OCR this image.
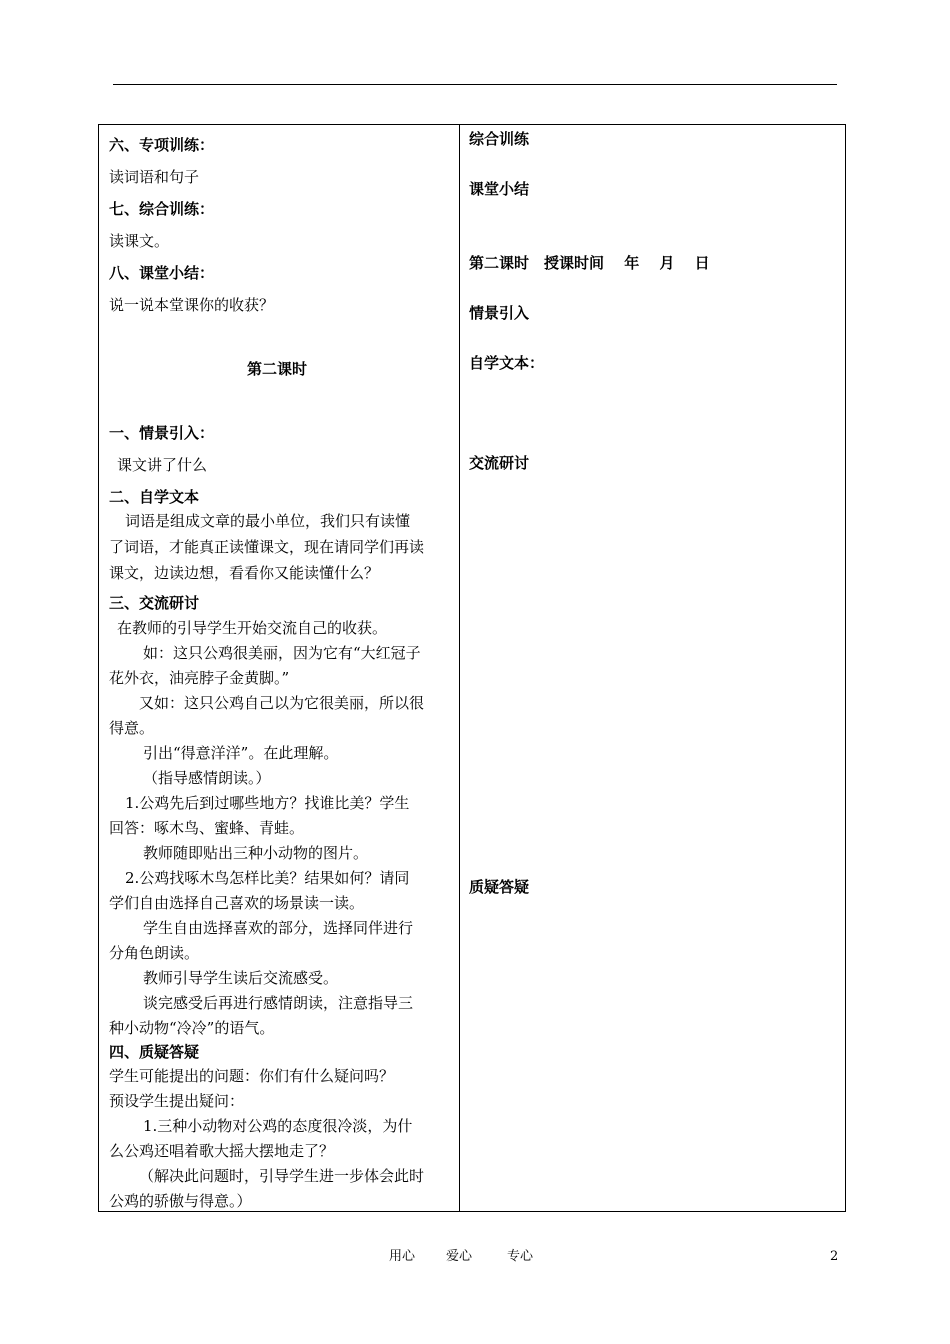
六、专项训练：
读词语和句子
七、综合训练：
读课文。
八、课堂小结：
说一说本堂课你的收获？
第二课时
一、情景引入：
课文讲了什么
二、自学文本
词语是组成文章的最小单位，我们只有读懂
了词语，才能真正读懂课文，现在请同学们再读
课文，边读边想，看看你又能读懂什么？
三、交流研讨
在教师的引导学生开始交流自己的收获。
如：这只公鸡很美丽，因为它有“大红冠子
花外衣，油亮脖子金黄脚。”
又如：这只公鸡自己以为它很美丽，所以很
得意。
引出“得意洋洋”。在此理解。
（指导感情朗读。）
1.公鸡先后到过哪些地方？找谁比美？学生
回答：啄木鸟、蜜蜂、青蛙。
教师随即贴出三种小动物的图片。
2.公鸡找啄木鸟怎样比美？结果如何？请同
学们自由选择自己喜欢的场景读一读。
学生自由选择喜欢的部分，选择同伴进行
分角色朗读。
教师引导学生读后交流感受。
谈完感受后再进行感情朗读，注意指导三
种小动物“冷冷”的语气。
四、质疑答疑
学生可能提出的问题：你们有什么疑问吗？
预设学生提出疑问：
1.三种小动物对公鸡的态度很冷淡，为什
么公鸡还唱着歌大摇大摆地走了？
（解决此问题时，引导学生进一步体会此时
公鸡的骄傲与得意。）
综合训练
课堂小结
第二课时　授课时间　 年　 月　 日
情景引入
自学文本：
交流研讨
质疑答疑
用心 爱心	专心	2
